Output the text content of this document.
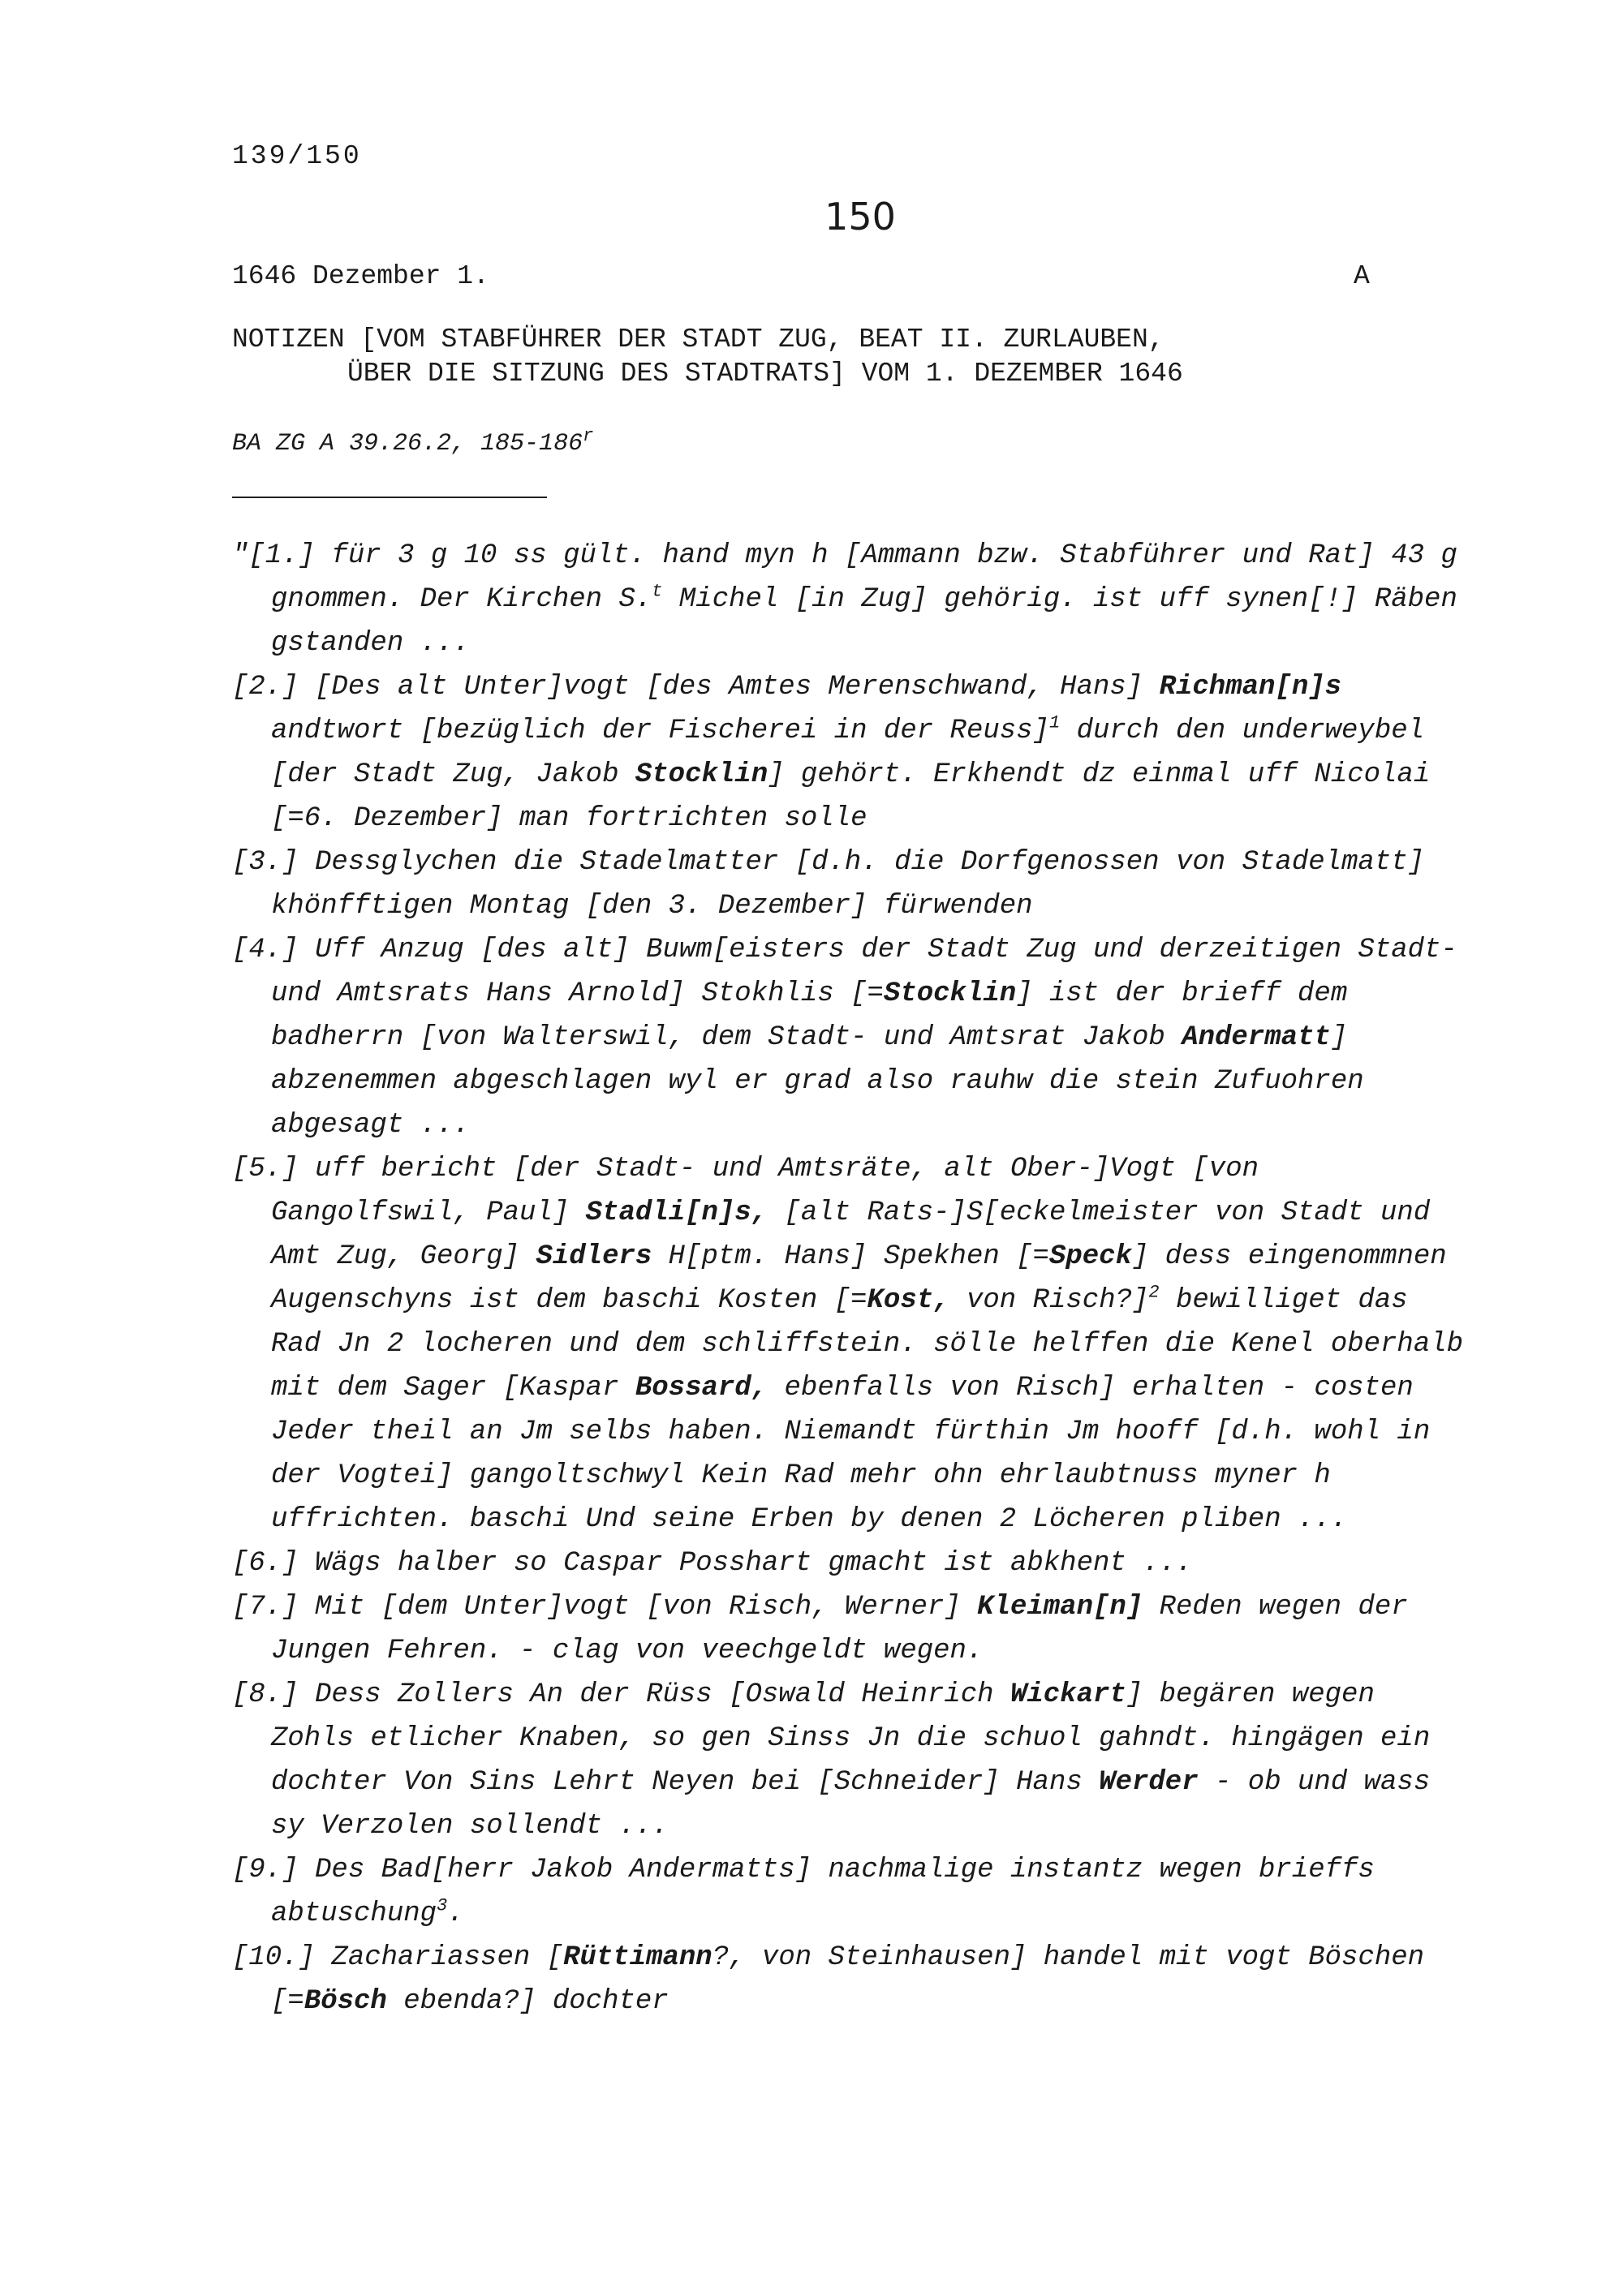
139/150
150
1646 Dezember 1.	A
NOTIZEN [VOM STABFÜHRER DER STADT ZUG, BEAT II. ZURLAUBEN,
ÜBER DIE SITZUNG DES STADTRATS] VOM 1. DEZEMBER 1646
BA ZG A 39.26.2, 185-186$^r$

"[1.] für 3 g 10 ss gült. hand myn h [Ammann bzw. Stabführer und Rat] 43 g gnommen. Der Kirchen S.$^t$ Michel [in Zug] gehörig. ist uff synen[!] Räben gstanden ...

[2.] [Des alt Unter]vogt [des Amtes Merenschwand, Hans] Richman[n]s andtwort [bezüglich der Fischerei in der Reuss]$^1$ durch den underweybel [der Stadt Zug, Jakob Stocklin] gehört. Erkhendt dz einmal uff Nicolai [=6. Dezember] man fortrichten solle

[3.] Dessglychen die Stadelmatter [d.h. die Dorfgenossen von Stadelmatt] khönfftigen Montag [den 3. Dezember] fürwenden

[4.] Uff Anzug [des alt] Buwm[eisters der Stadt Zug und derzeitigen Stadt- und Amtsrats Hans Arnold] Stokhlis [=Stocklin] ist der brieff dem badherrn [von Walterswil, dem Stadt- und Amtsrat Jakob Andermatt] abzenemmen abgeschlagen wyl er grad also rauhw die stein Zufuohren abgesagt ...

[5.] uff bericht [der Stadt- und Amtsräte, alt Ober-]Vogt [von Gangolfswil, Paul] Stadli[n]s, [alt Rats-]S[eckelmeister von Stadt und Amt Zug, Georg] Sidlers H[ptm. Hans] Spekhen [=Speck] dess eingenommnen Augenschyns ist dem baschi Kosten [=Kost, von Risch?]$^2$ bewilliget das Rad Jn 2 locheren und dem schliffstein. sölle helffen die Kenel oberhalb mit dem Sager [Kaspar Bossard, ebenfalls von Risch] erhalten - costen Jeder theil an Jm selbs haben. Niemandt fürthin Jm hooff [d.h. wohl in der Vogtei] gangoltschwyl Kein Rad mehr ohn ehrlaubtnuss myner h uffrichten. baschi Und seine Erben by denen 2 Löcheren pliben ...

[6.] Wägs halber so Caspar Posshart gmacht ist abkhent ...

[7.] Mit [dem Unter]vogt [von Risch, Werner] Kleiman[n] Reden wegen der Jungen Fehren. - clag von veechgeldt wegen.

[8.] Dess Zollers An der Rüss [Oswald Heinrich Wickart] begären wegen Zohls etlicher Knaben, so gen Sinss Jn die schuol gahndt. hingägen ein dochter Von Sins Lehrt Neyen bei [Schneider] Hans Werder - ob und wass sy Verzolen sollendt ...

[9.] Des Bad[herr Jakob Andermatts] nachmalige instantz wegen brieffs abtuschung$^3$.

[10.] Zachariassen [Rüttimann?, von Steinhausen] handel mit vogt Böschen [=Bösch ebenda?] dochter
